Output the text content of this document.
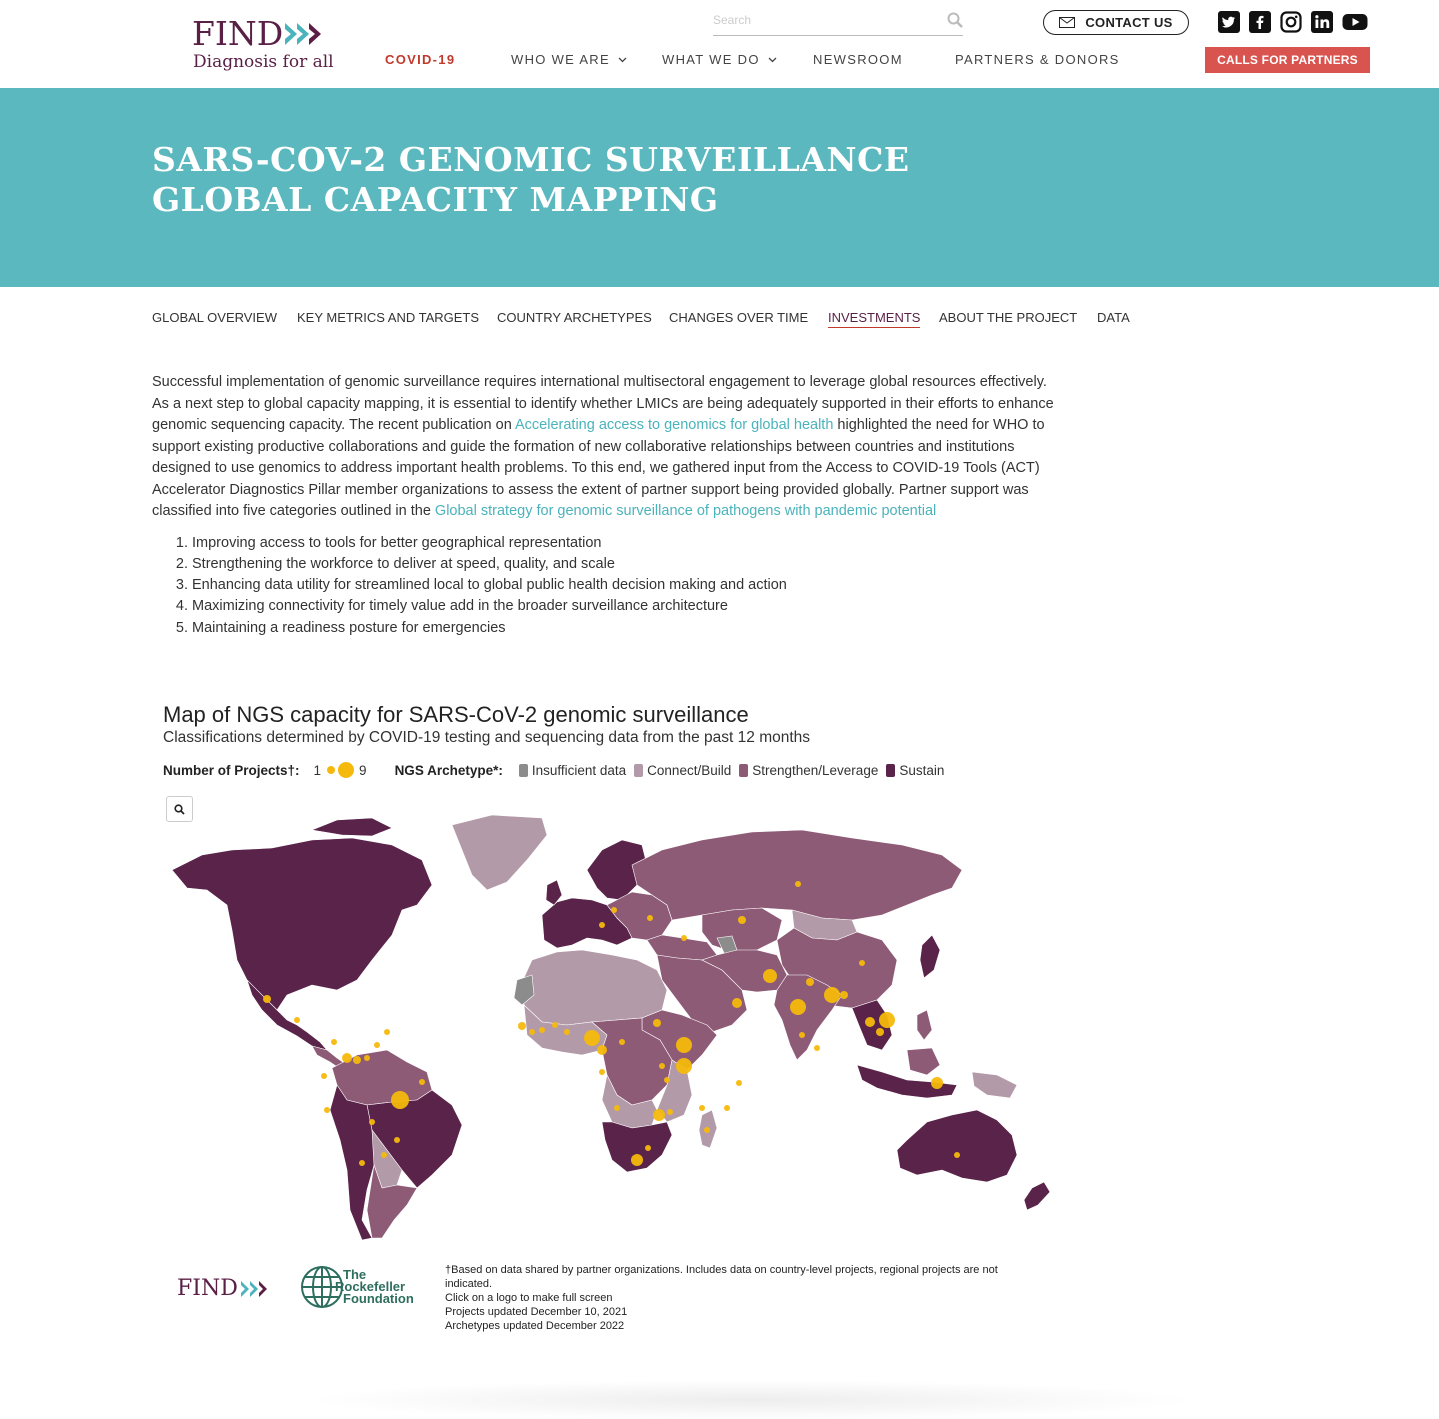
FIND
Diagnosis for all
Search
CONTACT US
COVID-19	WHO WE ARE	WHAT WE DO	NEWSROOM	PARTNERS & DONORS	CALLS FOR PARTNERS
SARS-COV-2 GENOMIC SURVEILLANCE GLOBAL CAPACITY MAPPING
GLOBAL OVERVIEW KEY METRICS AND TARGETS COUNTRY ARCHETYPES CHANGES OVER TIME INVESTMENTS ABOUT THE PROJECT DATA

Successful implementation of genomic surveillance requires international multisectoral engagement to leverage global resources effectively. As a next step to global capacity mapping, it is essential to identify whether LMICs are being adequately supported in their efforts to enhance genomic sequencing capacity. The recent publication on Accelerating access to genomics for global health highlighted the need for WHO to support existing productive collaborations and guide the formation of new collaborative relationships between countries and institutions designed to use genomics to address important health problems. To this end, we gathered input from the Access to COVID-19 Tools (ACT) Accelerator Diagnostics Pillar member organizations to assess the extent of partner support being provided globally. Partner support was classified into five categories outlined in the Global strategy for genomic surveillance of pathogens with pandemic potential

1. Improving access to tools for better geographical representation
2. Strengthening the workforce to deliver at speed, quality, and scale
3. Enhancing data utility for streamlined local to global public health decision making and action
4. Maximizing connectivity for timely value add in the broader surveillance architecture
5. Maintaining a readiness posture for emergencies
Map of NGS capacity for SARS-CoV-2 genomic surveillance
Classifications determined by COVID-19 testing and sequencing data from the past 12 months
Number of Projects†: 1	9 NGS Archetype*: Insufficient data Connect/Build Strengthen/Leverage Sustain
FIND
The
Rockefeller
Foundation
†Based on data shared by partner organizations. Includes data on country-level projects, regional projects are not indicated.
Click on a logo to make full screen
Projects updated December 10, 2021
Archetypes updated December 2022
